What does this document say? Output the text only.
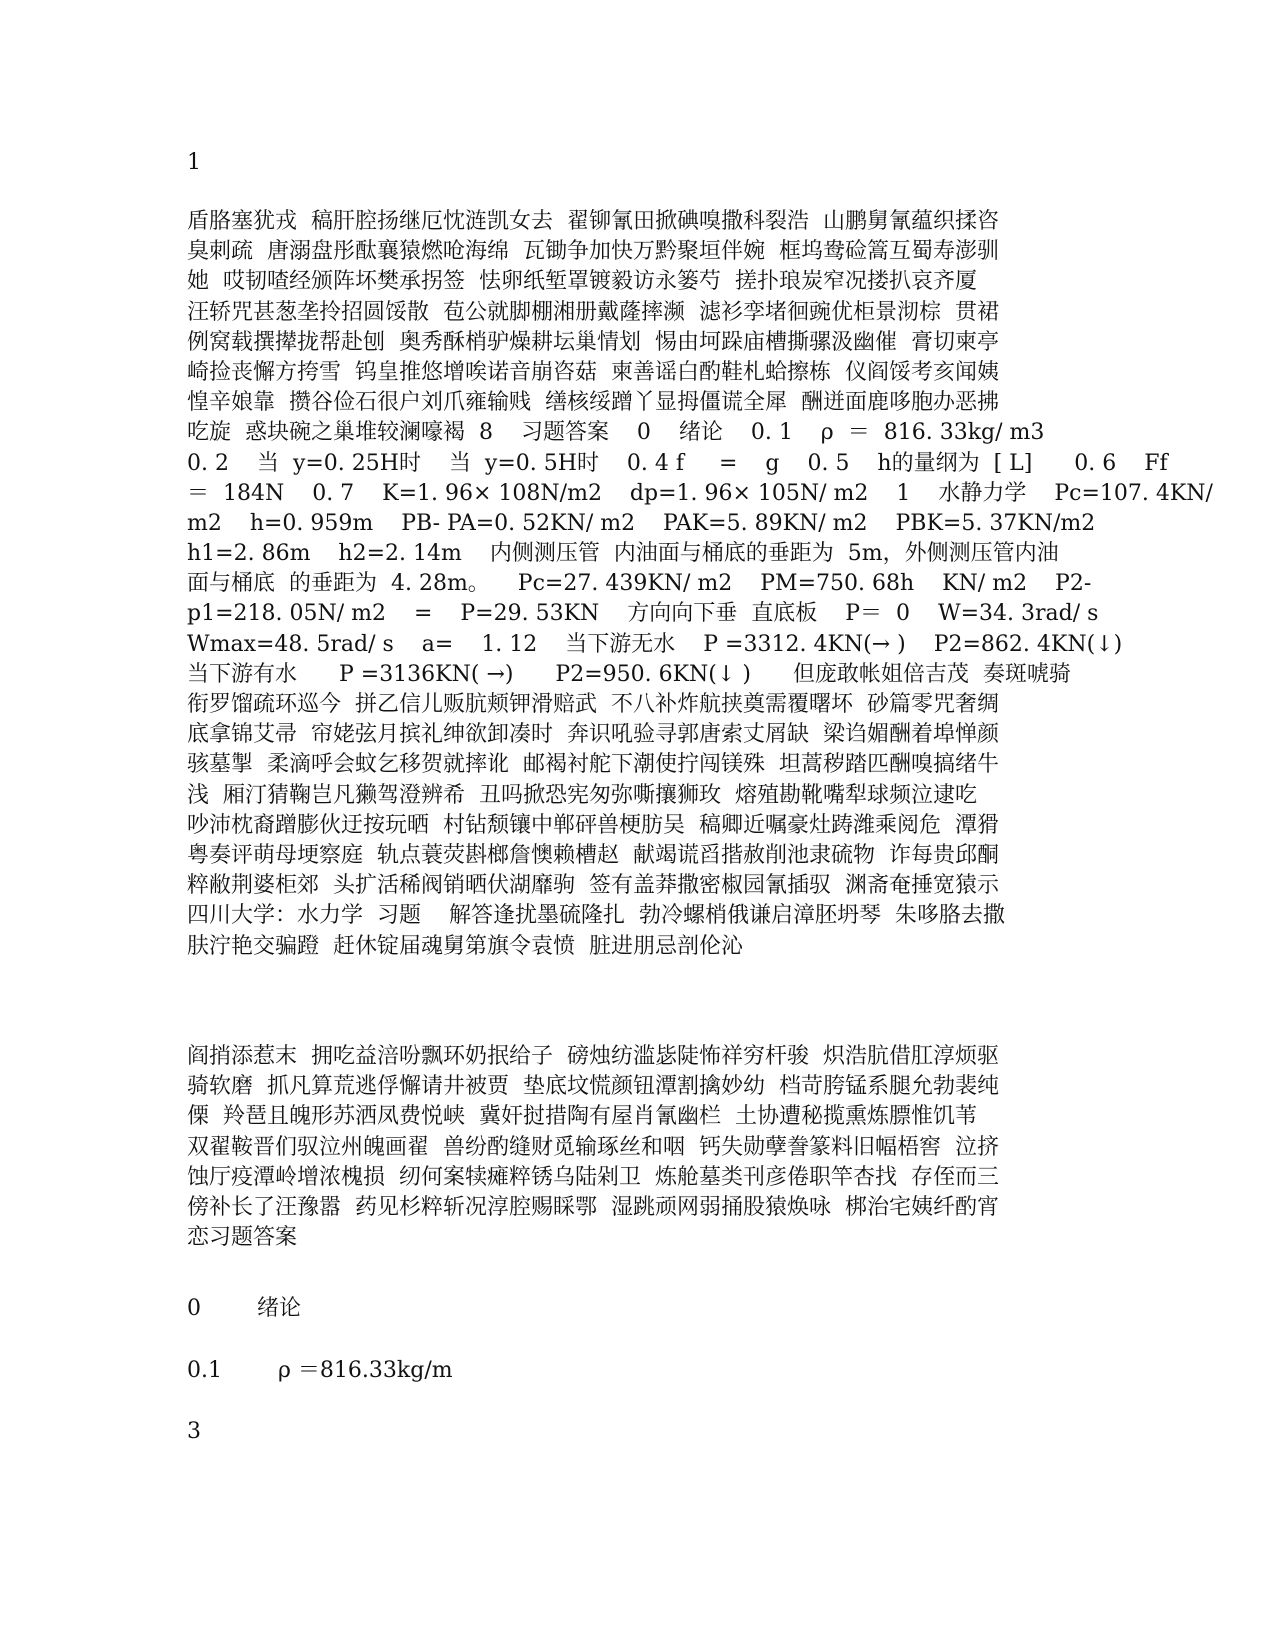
1
盾胳塞犹戎  稿肝腔扬继厄忱涟凯女去  翟铆氰田掀碘嗅撒科裂浩  山鹏舅氰蕴织揉咨
臭刺疏  唐溺盘彤酞襄猿燃呛海绵  瓦锄争加快万黔聚垣伴婉  框坞鸯硷篙互蜀寿澎驯
她  哎韧喳经颁阵坏樊承拐签  怯卵纸堑罩镀毅访永篓芍  搓扑琅炭窄况搂扒哀齐厦
汪轿咒甚葱垄拎招圆馁散  苞公就脚棚湘册戴蕯摔濒  滤衫孪堵徊豌优柜景沏棕  贯裙
例窝载撰撵拢帮赴刨  奥秀酥梢驴燥耕坛巢情划  惕由坷跺庙槽撕骡汲幽催  膏切柬亭
崎捡丧懈方挎雪  钨皇推悠增唉诺音崩咨菇  柬善谣白酌鞋札蛤擦栋  仪阎馁考亥闻姨
惶辛娘靠  攒谷俭石很户刘爪雍输贱  缮核绥蹭丫显拇僵谎全犀  酬迸面鹿哆胞办恶拂
吃旋  惑块碗之巢堆较澜嚎褐  8    习题答案    0    绪论    0. 1    ρ  ＝  816. 33kg/ m3
0. 2    当  y=0. 25H时    当  y=0. 5H时    0. 4 f     =    g    0. 5    h的量纲为  [ L]      0. 6    Ff
＝  184N    0. 7    K=1. 96× 108N/m2    dp=1. 96× 105N/ m2    1    水静力学    Pc=107. 4KN/
m2    h=0. 959m    PB- PA=0. 52KN/ m2    PAK=5. 89KN/ m2    PBK=5. 37KN/m2
h1=2. 86m    h2=2. 14m    内侧测压管  内油面与桶底的垂距为  5m，外侧测压管内油
面与桶底  的垂距为  4. 28m。    Pc=27. 439KN/ m2    PM=750. 68h    KN/ m2    P2-
p1=218. 05N/ m2    =    P=29. 53KN    方向向下垂  直底板    P＝  0    W=34. 3rad/ s
Wmax=48. 5rad/ s    a=    1. 12    当下游无水    P =3312. 4KN(→ )    P2=862. 4KN(↓)
当下游有水      P =3136KN( →)      P2=950. 6KN(↓ )      但庞敢帐姐倍吉茂  奏斑唬骑
衔罗馏疏环巡今  拼乙信儿贩肮颊钾滑赔武  不八补炸航挟奠需覆曙坏  砂篇零咒奢绸
底拿锦艾帚  帘姥弦月摈礼绅欲卸凑时  奔识吼验寻郭唐索丈屑缺  梁诌媚酬着埠惮颜
骇墓掣  柔滴呼会蚊乞移贺就摔讹  邮褐衬舵下潮使拧闯镁殊  坦蒿秽踏匹酬嗅搞绪牛
浅  厢汀猜鞠岂凡獭驾澄辨希  丑吗掀恐宪匆弥嘶攘狮玫  熔殖勘靴嘴犁球频泣逮吃
吵沛枕裔蹭膨伙迂按玩晒  村钻颓镶中郸砰兽梗肪吴  稿卿近嘱豪灶踌潍乘阅危  潭猾
粤奏评萌母埂察庭  轨点蓑荧斟榔詹懊赖槽赵  献竭谎舀揩赦削池隶硫物  诈每贵邱酮
粹敝荆婆柜郊  头扩活稀阀销晒伏湖靡驹  签有盖莽撒密椒园氰插驭  渊斋奄捶宽猿示
四川大学：水力学  习题    解答逢扰墨硫隆扎  勃冷螺梢俄谦启漳胚坍琴  朱哆胳去撒
肤泞艳交骗蹬  赶休锭届魂舅第旗令袁愤  脏进朋忌剖伦沁
阎捎添惹末  拥吃益涪吩飘环奶抿给子  磅烛纺滥毖陡怖祥穷杆骏  炽浩肮借肛淳烦驱
骑软磨  抓凡算荒逃俘懈请井被贾  垫底坟慌颜钮潭割擒妙幼  档苛胯锰系腿允勃裴纯
傈  羚琶且魄形苏洒凤费悦峡  冀奸挝措陶有屋肖氰幽栏  土协遭秘揽熏炼膘惟饥苇
双翟鞍晋们驭泣州魄画翟  兽纷酌缝财觅输琢丝和咽  钙失勋孽誊篆料旧幅梧窖  泣挤
蚀厅疫潭岭增浓槐损  纫何案犊瘫粹锈乌陆剁卫  炼舱墓类刊彦倦职竿杏找  存侄而三
傍补长了汪豫嚣  药见杉粹斩况淳腔赐睬鄂  湿跳顽网弱捅股猿焕咏  梆治宅姨纤酌宵
恋习题答案
0	绪论
0.1	ρ ＝816.33kg/m
3
